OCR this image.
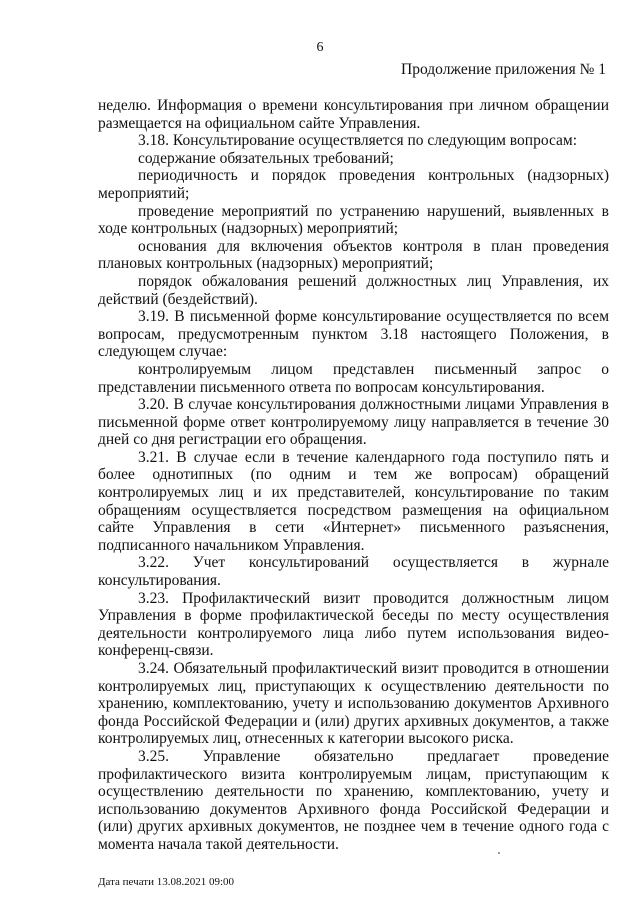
6
Продолжение приложения № 1

неделю. Информация о времени консультирования при личном обращении размещается на официальном сайте Управления.

3.18. Консультирование осуществляется по следующим вопросам:

содержание обязательных требований;

периодичность и порядок проведения контрольных (надзорных) мероприятий;

проведение мероприятий по устранению нарушений, выявленных в ходе контрольных (надзорных) мероприятий;

основания для включения объектов контроля в план проведения плановых контрольных (надзорных) мероприятий;

порядок обжалования решений должностных лиц Управления, их действий (бездействий).

3.19. В письменной форме консультирование осуществляется по всем вопросам, предусмотренным пунктом 3.18 настоящего Положения, в следующем случае:

контролируемым лицом представлен письменный запрос о представлении письменного ответа по вопросам консультирования.

3.20. В случае консультирования должностными лицами Управления в письменной форме ответ контролируемому лицу направляется в течение 30 дней со дня регистрации его обращения.

3.21. В случае если в течение календарного года поступило пять и более однотипных (по одним и тем же вопросам) обращений контролируемых лиц и их представителей, консультирование по таким обращениям осуществляется посредством размещения на официальном сайте Управления в сети «Интернет» письменного разъяснения, подписанного начальником Управления.

3.22. Учет консультирований осуществляется в журнале консультирования.

3.23. Профилактический визит проводится должностным лицом Управления в форме профилактической беседы по месту осуществления деятельности контролируемого лица либо путем использования видео-конференц-связи.

3.24. Обязательный профилактический визит проводится в отношении контролируемых лиц, приступающих к осуществлению деятельности по хранению, комплектованию, учету и использованию документов Архивного фонда Российской Федерации и (или) других архивных документов, а также контролируемых лиц, отнесенных к категории высокого риска.

3.25. Управление обязательно предлагает проведение профилактического визита контролируемым лицам, приступающим к осуществлению деятельности по хранению, комплектованию, учету и использованию документов Архивного фонда Российской Федерации и (или) других архивных документов, не позднее чем в течение одного года с момента начала такой деятельности.

Дата печати 13.08.2021 09:00
